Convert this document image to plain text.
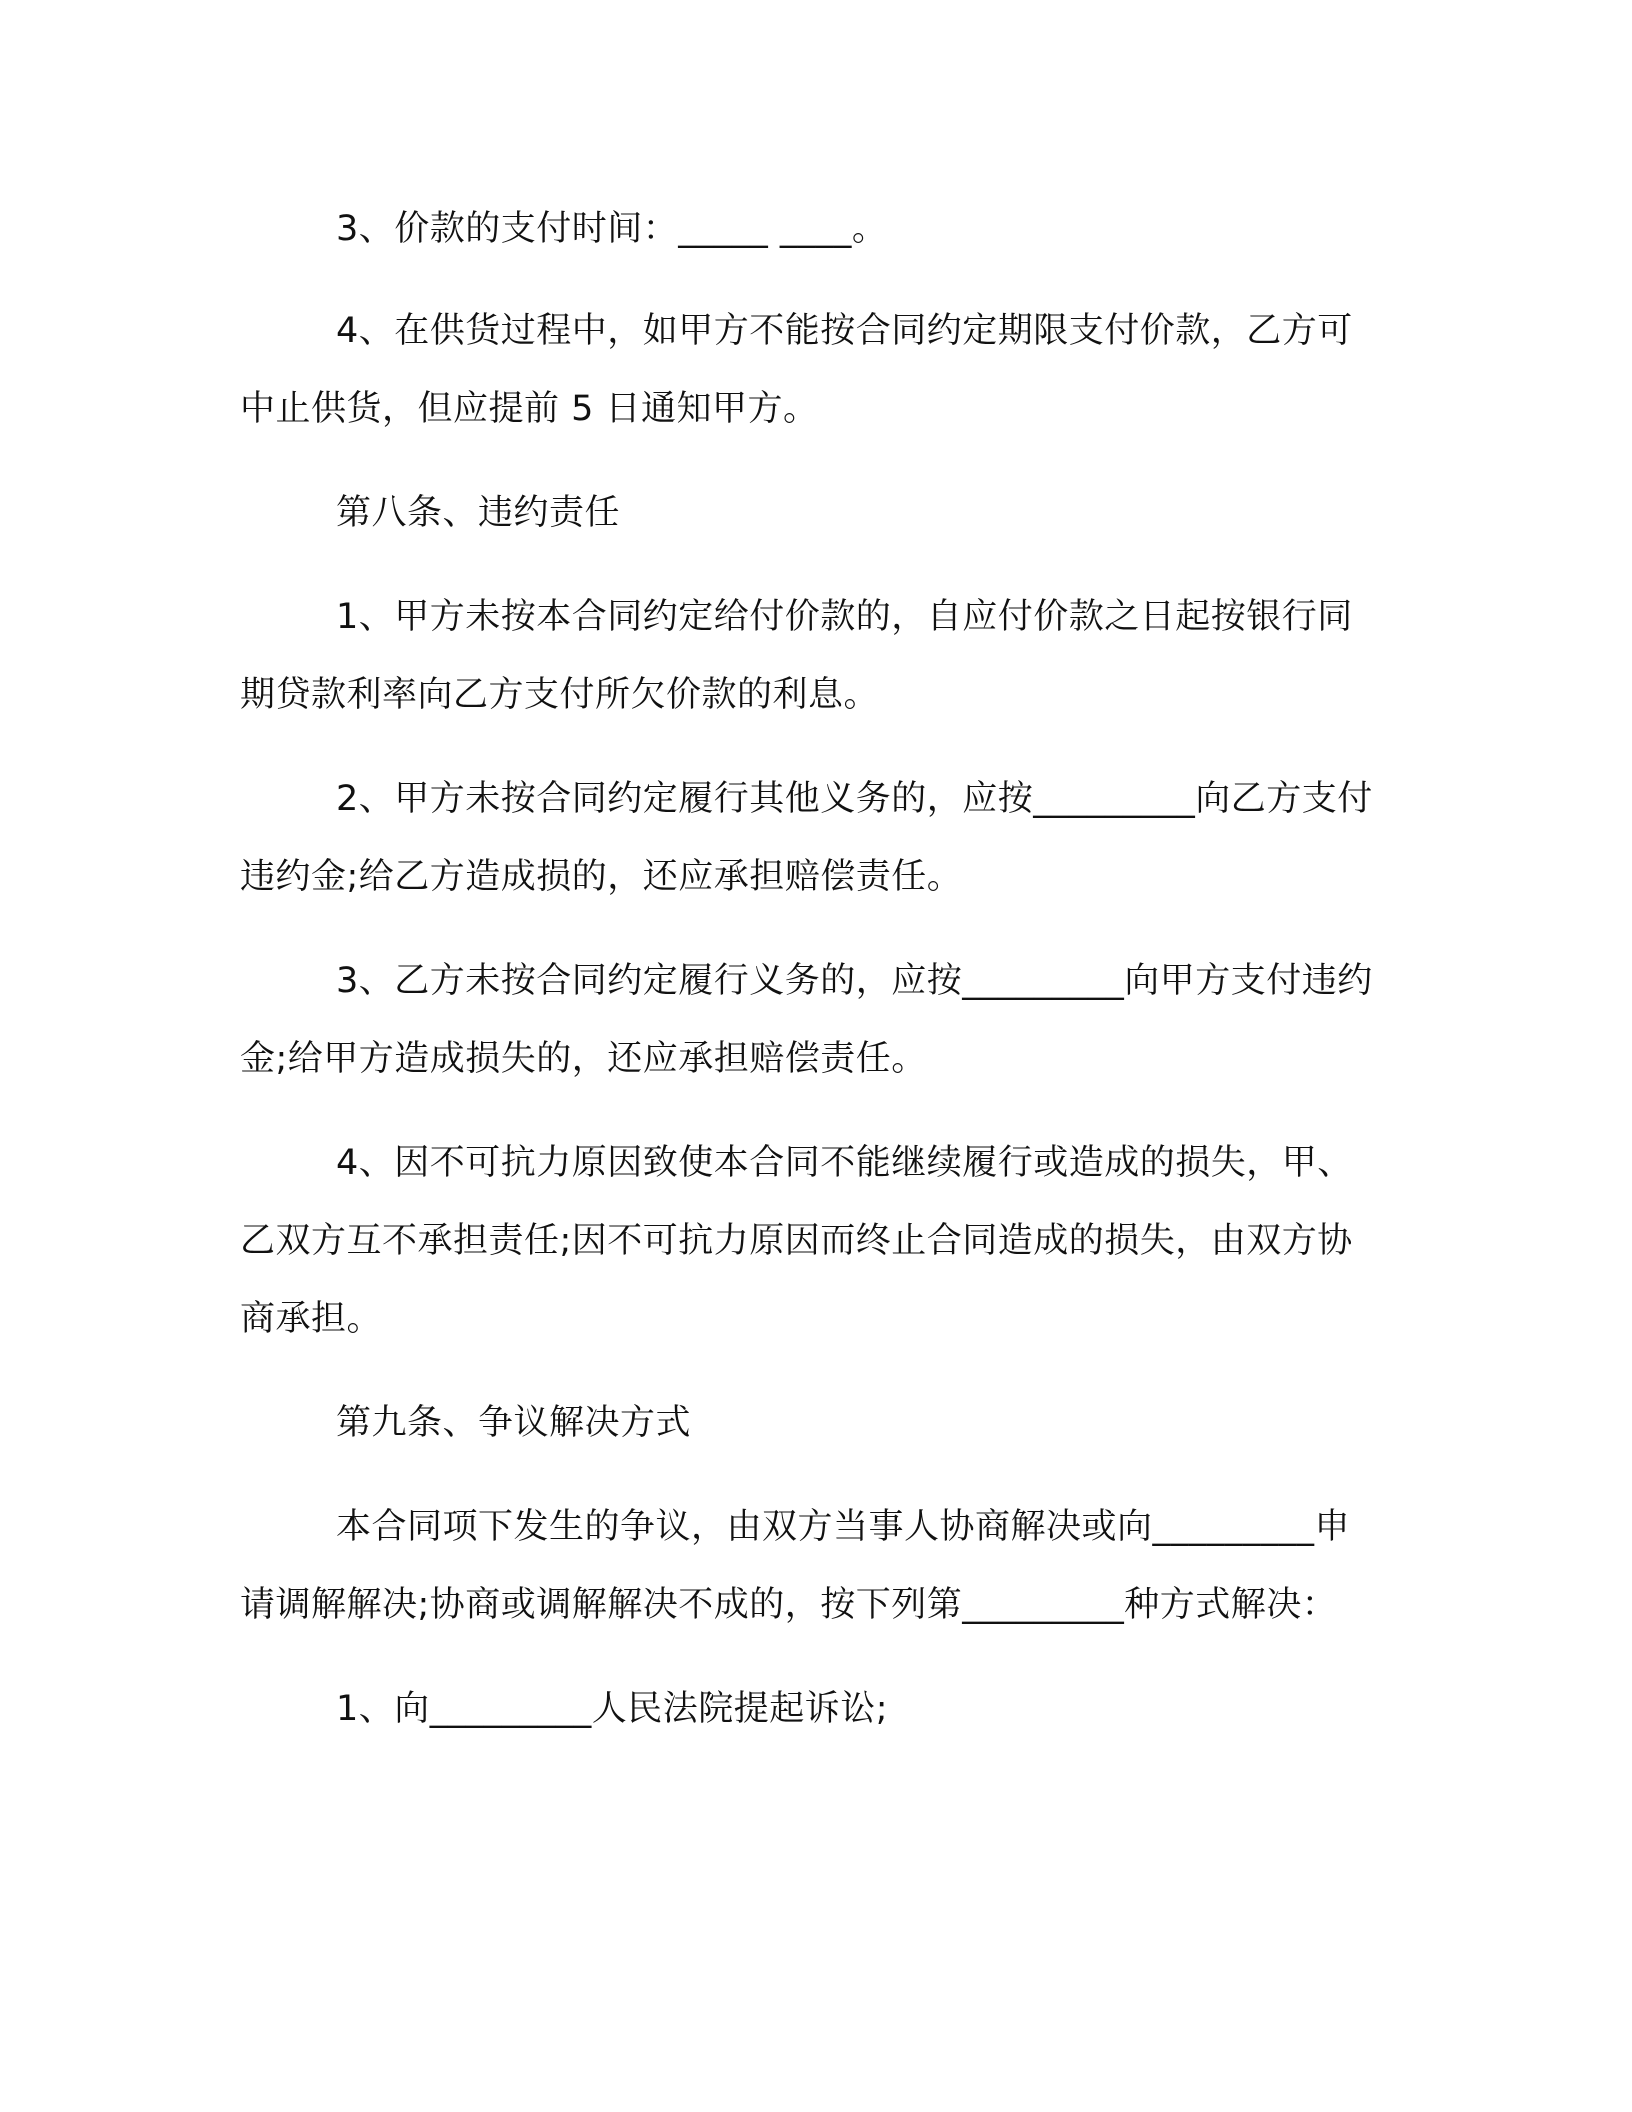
3、价款的支付时间：_____ ____。

4、在供货过程中，如甲方不能按合同约定期限支付价款，乙方可中止供货，但应提前 5 日通知甲方。

第八条、违约责任

1、甲方未按本合同约定给付价款的，自应付价款之日起按银行同期贷款利率向乙方支付所欠价款的利息。

2、甲方未按合同约定履行其他义务的，应按_________向乙方支付违约金;给乙方造成损的，还应承担赔偿责任。

3、乙方未按合同约定履行义务的，应按_________向甲方支付违约金;给甲方造成损失的，还应承担赔偿责任。

4、因不可抗力原因致使本合同不能继续履行或造成的损失，甲、乙双方互不承担责任;因不可抗力原因而终止合同造成的损失，由双方协商承担。

第九条、争议解决方式

本合同项下发生的争议，由双方当事人协商解决或向_________申请调解解决;协商或调解解决不成的，按下列第_________种方式解决：

1、向_________人民法院提起诉讼;
